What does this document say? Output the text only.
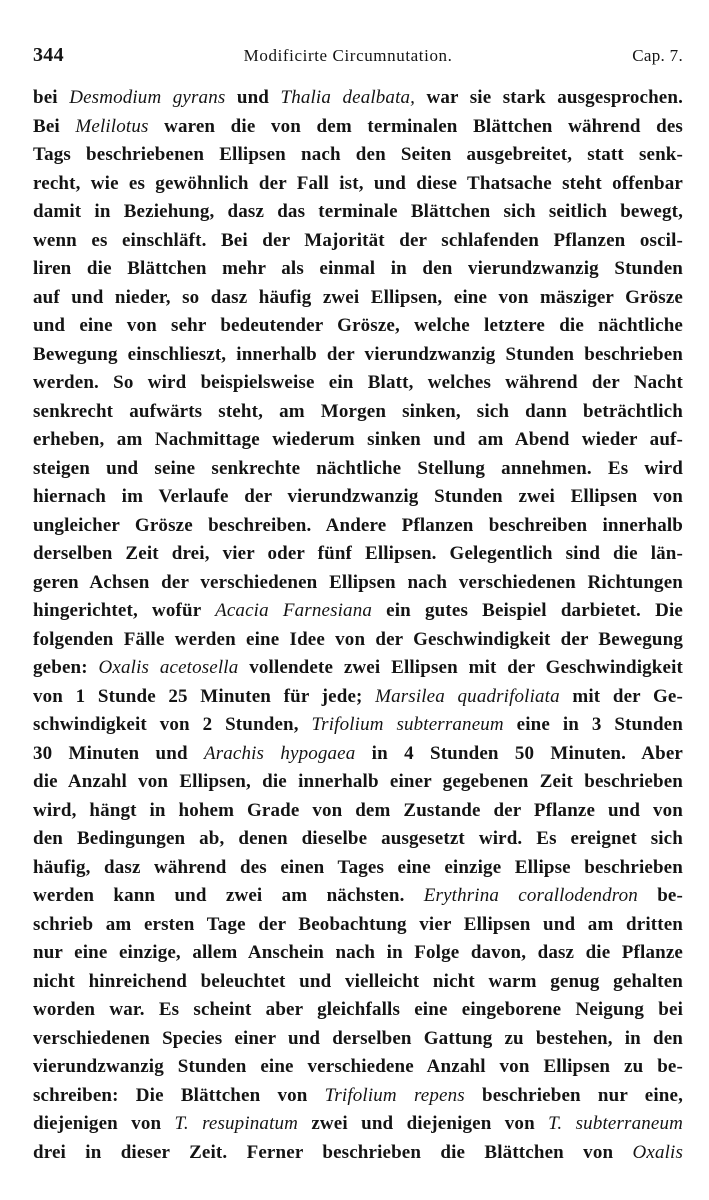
344	Modificirte Circumnutation.	Cap. 7.
bei Desmodium gyrans und Thalia dealbata, war sie stark ausgesprochen.
Bei Melilotus waren die von dem terminalen Blättchen während des
Tags beschriebenen Ellipsen nach den Seiten ausgebreitet, statt senk-
recht, wie es gewöhnlich der Fall ist, und diese Thatsache steht offenbar
damit in Beziehung, dasz das terminale Blättchen sich seitlich bewegt,
wenn es einschläft. Bei der Majorität der schlafenden Pflanzen oscil-
liren die Blättchen mehr als einmal in den vierundzwanzig Stunden
auf und nieder, so dasz häufig zwei Ellipsen, eine von mäsziger Grösze
und eine von sehr bedeutender Grösze, welche letztere die nächtliche
Bewegung einschlieszt, innerhalb der vierundzwanzig Stunden beschrieben
werden. So wird beispielsweise ein Blatt, welches während der Nacht
senkrecht aufwärts steht, am Morgen sinken, sich dann beträchtlich
erheben, am Nachmittage wiederum sinken und am Abend wieder auf-
steigen und seine senkrechte nächtliche Stellung annehmen. Es wird
hiernach im Verlaufe der vierundzwanzig Stunden zwei Ellipsen von
ungleicher Grösze beschreiben. Andere Pflanzen beschreiben innerhalb
derselben Zeit drei, vier oder fünf Ellipsen. Gelegentlich sind die län-
geren Achsen der verschiedenen Ellipsen nach verschiedenen Richtungen
hingerichtet, wofür Acacia Farnesiana ein gutes Beispiel darbietet. Die
folgenden Fälle werden eine Idee von der Geschwindigkeit der Bewegung
geben: Oxalis acetosella vollendete zwei Ellipsen mit der Geschwindigkeit
von 1 Stunde 25 Minuten für jede; Marsilea quadrifoliata mit der Ge-
schwindigkeit von 2 Stunden, Trifolium subterraneum eine in 3 Stunden
30 Minuten und Arachis hypogaea in 4 Stunden 50 Minuten. Aber
die Anzahl von Ellipsen, die innerhalb einer gegebenen Zeit beschrieben
wird, hängt in hohem Grade von dem Zustande der Pflanze und von
den Bedingungen ab, denen dieselbe ausgesetzt wird. Es ereignet sich
häufig, dasz während des einen Tages eine einzige Ellipse beschrieben
werden kann und zwei am nächsten. Erythrina corallodendron be-
schrieb am ersten Tage der Beobachtung vier Ellipsen und am dritten
nur eine einzige, allem Anschein nach in Folge davon, dasz die Pflanze
nicht hinreichend beleuchtet und vielleicht nicht warm genug gehalten
worden war. Es scheint aber gleichfalls eine eingeborene Neigung bei
verschiedenen Species einer und derselben Gattung zu bestehen, in den
vierundzwanzig Stunden eine verschiedene Anzahl von Ellipsen zu be-
schreiben: Die Blättchen von Trifolium repens beschrieben nur eine,
diejenigen von T. resupinatum zwei und diejenigen von T. subterraneum
drei in dieser Zeit. Ferner beschrieben die Blättchen von Oxalis
